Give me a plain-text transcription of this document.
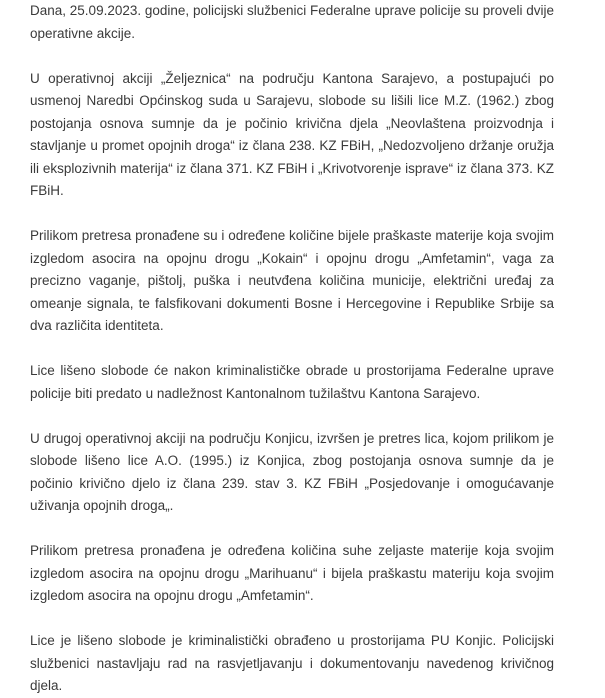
Dana, 25.09.2023. godine, policijski službenici Federalne uprave policije su proveli dvije operativne akcije.

U operativnoj akciji „Željeznica“ na području Kantona Sarajevo, a postupajući po usmenoj Naredbi Općinskog suda u Sarajevu, slobode su lišili lice M.Z. (1962.) zbog postojanja osnova sumnje da je počinio krivična djela „Neovlaštena proizvodnja i stavljanje u promet opojnih droga“ iz člana 238. KZ FBiH, „Nedozvoljeno držanje oružja ili eksplozivnih materija“ iz člana 371. KZ FBiH i „Krivotvorenje isprave“ iz člana 373. KZ FBiH.

Prilikom pretresa pronađene su i određene količine bijele praškaste materije koja svojim izgledom asocira na opojnu drogu „Kokain“ i opojnu drogu „Amfetamin“, vaga za precizno vaganje, pištolj, puška i neutvđena količina municije, električni uređaj za omeanje signala, te falsfikovani dokumenti Bosne i Hercegovine i Republike Srbije sa dva različita identiteta.

Lice lišeno slobode će nakon kriminalističke obrade u prostorijama Federalne uprave policije biti predato u nadležnost Kantonalnom tužilaštvu Kantona Sarajevo.

U drugoj operativnoj akciji na području Konjicu, izvršen je pretres lica, kojom prilikom je slobode lišeno lice A.O. (1995.) iz Konjica, zbog postojanja osnova sumnje da je počinio krivično djelo iz člana 239. stav 3. KZ FBiH „Posjedovanje i omogućavanje uživanja opojnih droga„.

Prilikom pretresa pronađena je određena količina suhe zeljaste materije koja svojim izgledom asocira na opojnu drogu „Marihuanu“ i bijela praškastu materiju koja svojim izgledom asocira na opojnu drogu „Amfetamin“.

Lice je lišeno slobode je kriminalistički obrađeno u prostorijama PU Konjic. Policijski službenici nastavljaju rad na rasvjetljavanju i dokumentovanju navedenog krivičnog djela.
